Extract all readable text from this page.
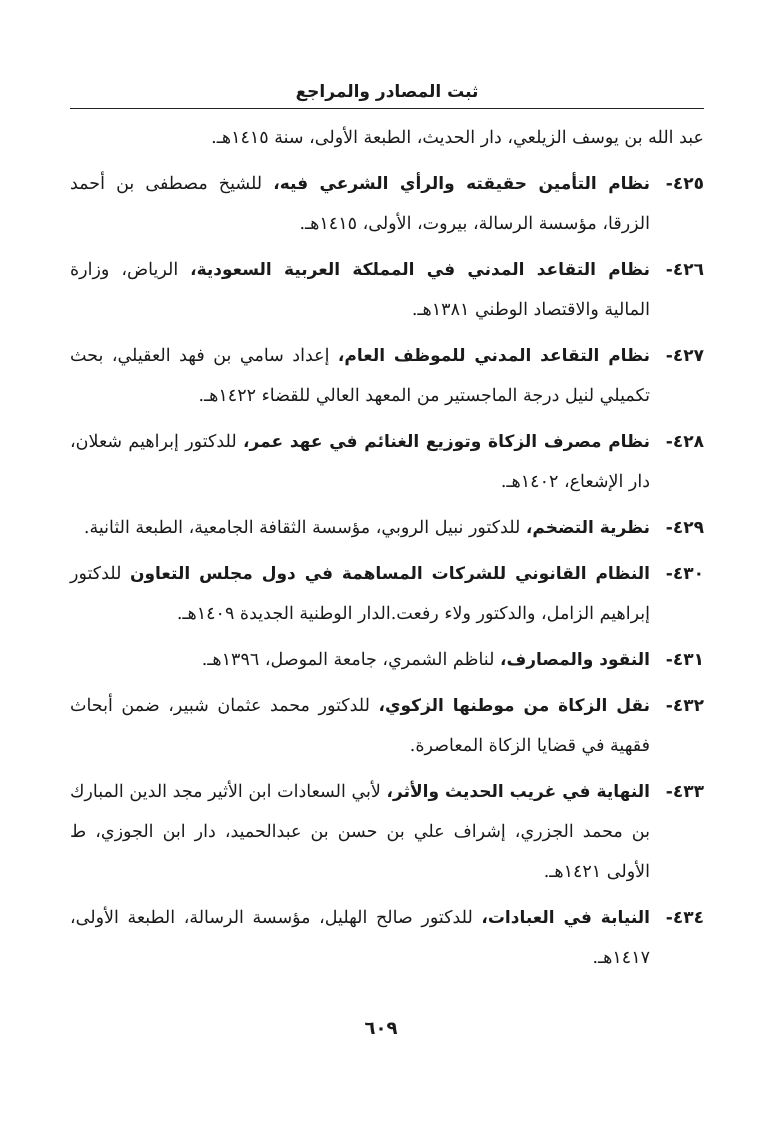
ثبت المصادر والمراجع
عبد الله بن يوسف الزيلعي، دار الحديث، الطبعة الأولى، سنة ١٤١٥هـ.
٤٢٥-
نظام التأمين حقيقته والرأي الشرعي فيه، للشيخ مصطفى بن أحمد الزرقا، مؤسسة الرسالة، بيروت، الأولى، ١٤١٥هـ.
٤٢٦-
نظام التقاعد المدني في المملكة العربية السعودية، الرياض، وزارة المالية والاقتصاد الوطني ١٣٨١هـ.
٤٢٧-
نظام التقاعد المدني للموظف العام، إعداد سامي بن فهد العقيلي، بحث تكميلي لنيل درجة الماجستير من المعهد العالي للقضاء ١٤٢٢هـ.
٤٢٨-
نظام مصرف الزكاة وتوزيع الغنائم في عهد عمر، للدكتور إبراهيم شعلان، دار الإشعاع، ١٤٠٢هـ.
٤٢٩-
نظرية التضخم، للدكتور نبيل الروبي، مؤسسة الثقافة الجامعية، الطبعة الثانية.
٤٣٠-
النظام القانوني للشركات المساهمة في دول مجلس التعاون للدكتور إبراهيم الزامل، والدكتور ولاء رفعت.الدار الوطنية الجديدة ١٤٠٩هـ.
٤٣١-
النقود والمصارف، لناظم الشمري، جامعة الموصل، ١٣٩٦هـ.
٤٣٢-
نقل الزكاة من موطنها الزكوي، للدكتور محمد عثمان شبير، ضمن أبحاث فقهية في قضايا الزكاة المعاصرة.
٤٣٣-
النهاية في غريب الحديث والأثر، لأبي السعادات ابن الأثير مجد الدين المبارك بن محمد الجزري، إشراف علي بن حسن بن عبدالحميد، دار ابن الجوزي، ط الأولى ١٤٢١هـ.
٤٣٤-
النيابة في العبادات، للدكتور صالح الهليل، مؤسسة الرسالة، الطبعة الأولى، ١٤١٧هـ.
٦٠٩
